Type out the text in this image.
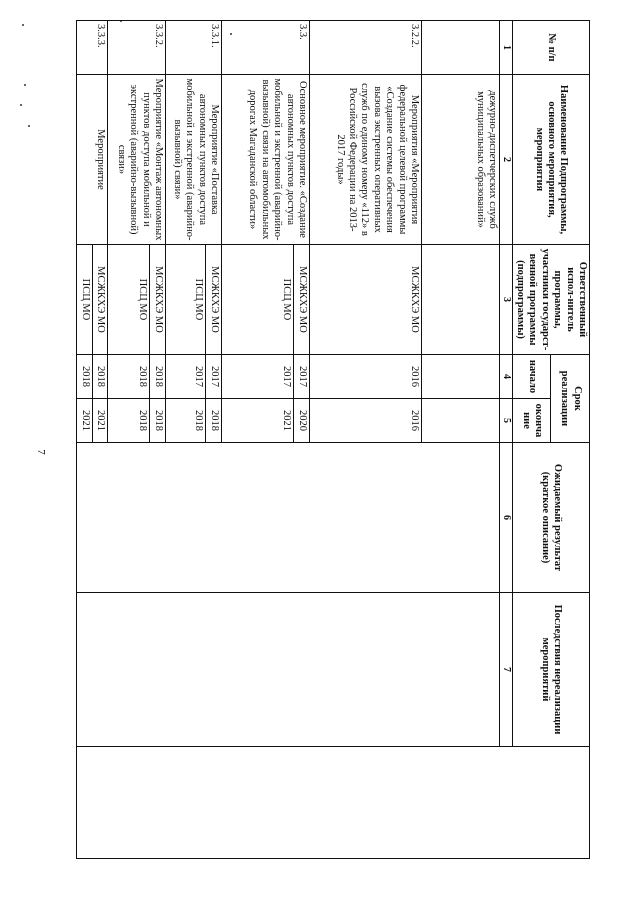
7
№ п/п	Наименование Подпрограммы, основного мероприятия, мероприятия	Ответственный испол-нитель программы, участники государст-венной программы (подпрограммы)	Срок реализации		Ожидаемый результат (краткое описание)	Последствия нереализации мероприятий	
			начало	оконча ние			
1	2	3	4	5	6	7	
	дежурно-диспетчерских служб муниципальных образований»						
3.2.2.	Мероприятия «Мероприятия федеральной целевой программы «Создание системы обеспечения вызова экстренных оперативных служб по единому номеру «112» в Российской Федерации на 2013-2017 годы»	МСЖКХЭ МО	2016	2016			
3.3.	Основное мероприятие. «Создание автономных пунктов доступа мобильной и экстренной (аварийно-вызывной) связи на автомобильных дорогах Магаданской области»	МСЖКХЭ МО	2017	2020			
		ПСЦ МО	2017	2021			
3.3.1.	Мероприятие «Поставка автономных пунктов доступа мобильной и экстренной (аварийно-вызывной) связи»	МСЖКХЭ МО	2017	2018			
		ПСЦ МО	2017	2018			
3.3.2.	Мероприятие «Монтаж автономных пунктов доступа мобильной и экстренной (аварийно-вызывной) связи»	МСЖКХЭ МО	2018	2018			
		ПСЦ МО	2018	2018			
3.3.3.	Мероприятие	МСЖКХЭ МО	2018	2021			
		ПСЦ МО	2018	2021			
